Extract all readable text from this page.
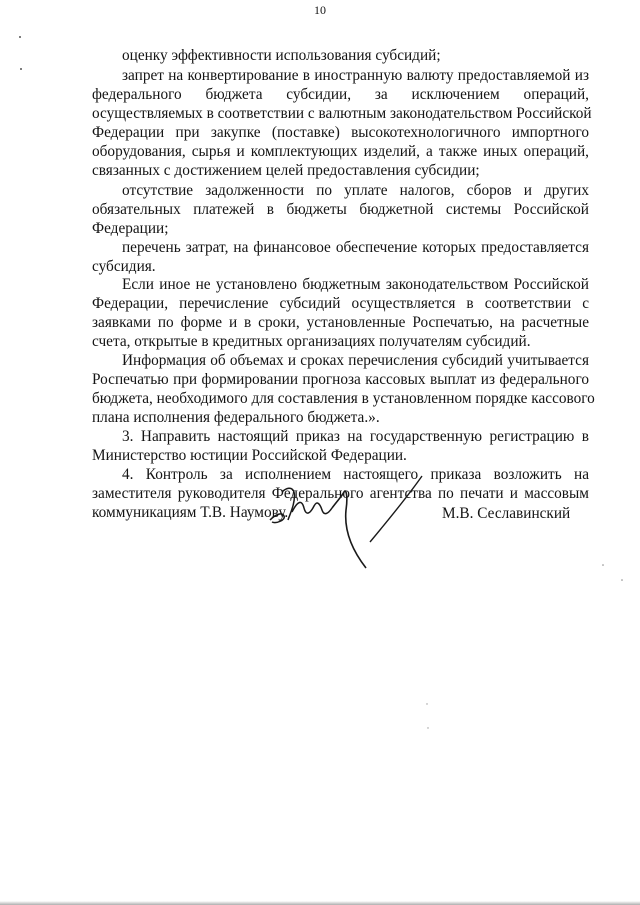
10
оценку эффективности использования субсидий;
запрет на конвертирование в иностранную валюту предоставляемой из
федерального бюджета субсидии, за исключением операций,
осуществляемых в соответствии с валютным законодательством Российской
Федерации при закупке (поставке) высокотехнологичного импортного
оборудования, сырья и комплектующих изделий, а также иных операций,
связанных с достижением целей предоставления субсидии;
отсутствие задолженности по уплате налогов, сборов и других
обязательных платежей в бюджеты бюджетной системы Российской
Федерации;
перечень затрат, на финансовое обеспечение которых предоставляется
субсидия.
Если иное не установлено бюджетным законодательством Российской
Федерации, перечисление субсидий осуществляется в соответствии с
заявками по форме и в сроки, установленные Роспечатью, на расчетные
счета, открытые в кредитных организациях получателям субсидий.
Информация об объемах и сроках перечисления субсидий учитывается
Роспечатью при формировании прогноза кассовых выплат из федерального
бюджета, необходимого для составления в установленном порядке кассового
плана исполнения федерального бюджета.».
3. Направить настоящий приказ на государственную регистрацию в
Министерство юстиции Российской Федерации.
4. Контроль за исполнением настоящего приказа возложить на
заместителя руководителя Федерального агентства по печати и массовым
коммуникациям Т.В. Наумову.	М.В. Сеславинский
